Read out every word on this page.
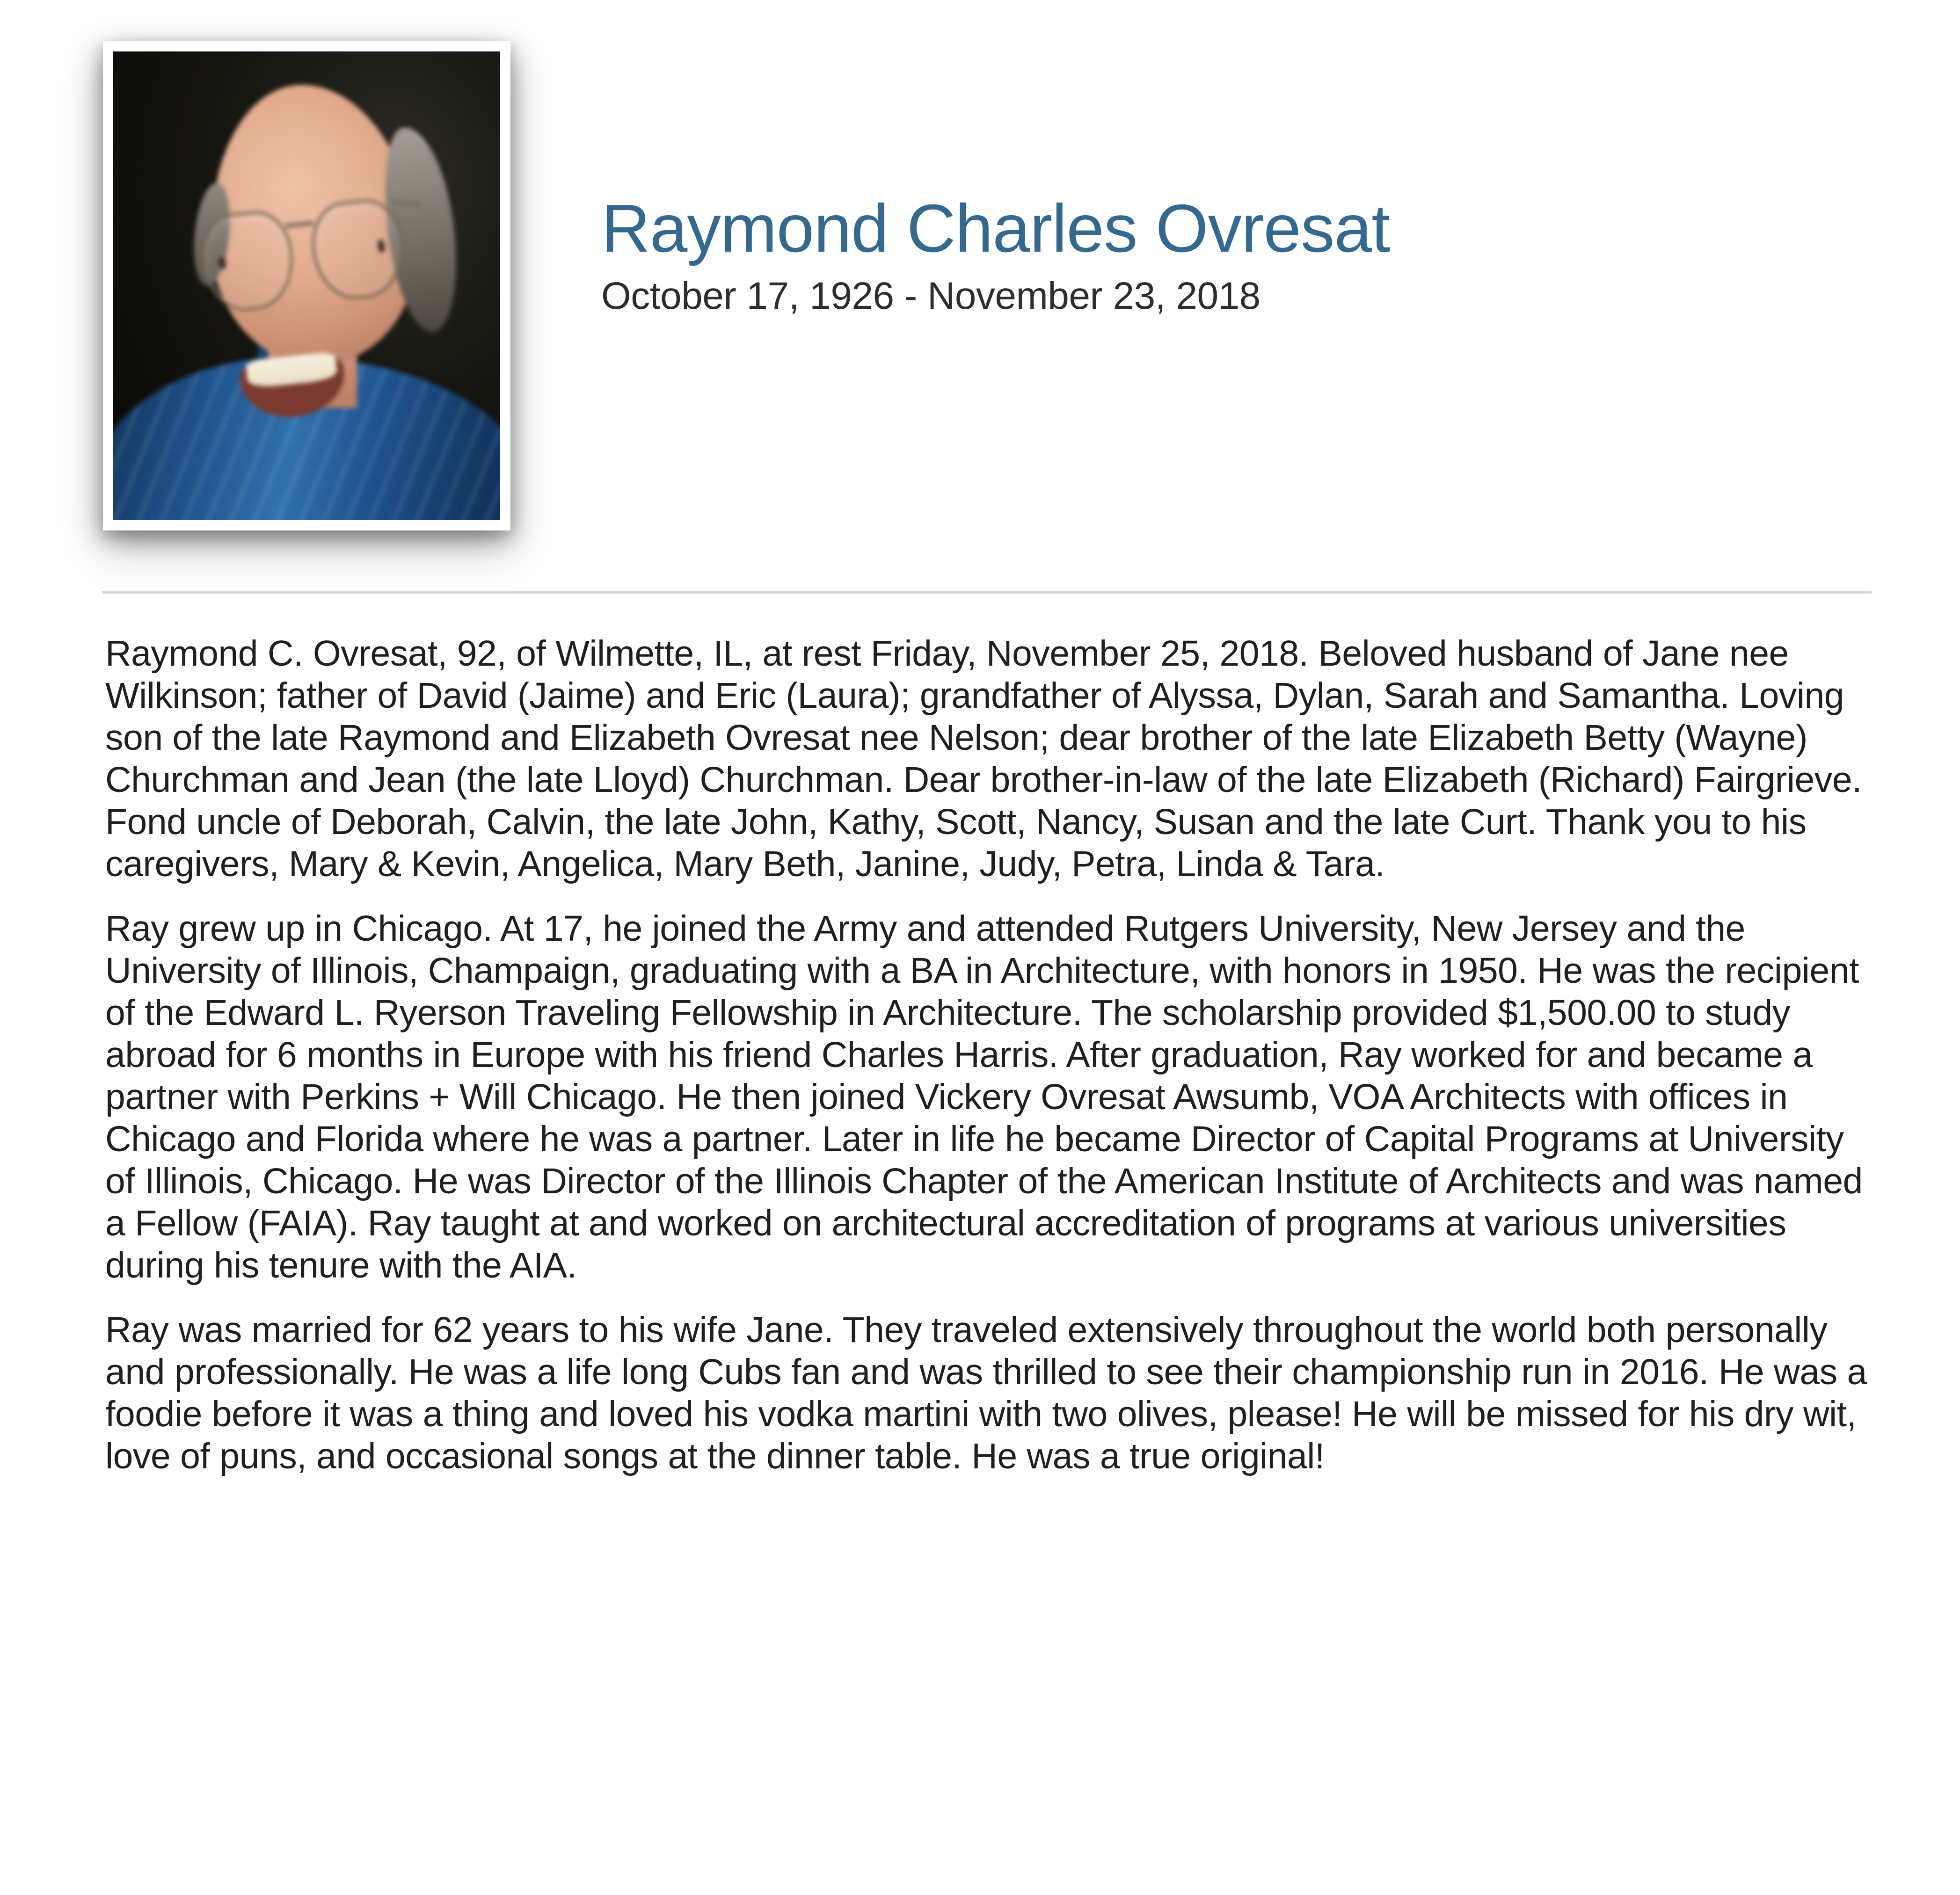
Raymond Charles Ovresat
October 17, 1926 - November 23, 2018

Raymond C. Ovresat, 92, of Wilmette, IL, at rest Friday, November 25, 2018. Beloved husband of Jane nee Wilkinson; father of David (Jaime) and Eric (Laura); grandfather of Alyssa, Dylan, Sarah and Samantha. Loving son of the late Raymond and Elizabeth Ovresat nee Nelson; dear brother of the late Elizabeth Betty (Wayne) Churchman and Jean (the late Lloyd) Churchman. Dear brother-in-law of the late Elizabeth (Richard) Fairgrieve. Fond uncle of Deborah, Calvin, the late John, Kathy, Scott, Nancy, Susan and the late Curt. Thank you to his caregivers, Mary & Kevin, Angelica, Mary Beth, Janine, Judy, Petra, Linda & Tara.

Ray grew up in Chicago. At 17, he joined the Army and attended Rutgers University, New Jersey and the University of Illinois, Champaign, graduating with a BA in Architecture, with honors in 1950. He was the recipient of the Edward L. Ryerson Traveling Fellowship in Architecture. The scholarship provided $1,500.00 to study abroad for 6 months in Europe with his friend Charles Harris. After graduation, Ray worked for and became a partner with Perkins + Will Chicago. He then joined Vickery Ovresat Awsumb, VOA Architects with offices in Chicago and Florida where he was a partner. Later in life he became Director of Capital Programs at University of Illinois, Chicago. He was Director of the Illinois Chapter of the American Institute of Architects and was named a Fellow (FAIA). Ray taught at and worked on architectural accreditation of programs at various universities during his tenure with the AIA.

Ray was married for 62 years to his wife Jane. They traveled extensively throughout the world both personally and professionally. He was a life long Cubs fan and was thrilled to see their championship run in 2016. He was a foodie before it was a thing and loved his vodka martini with two olives, please! He will be missed for his dry wit, love of puns, and occasional songs at the dinner table. He was a true original!
